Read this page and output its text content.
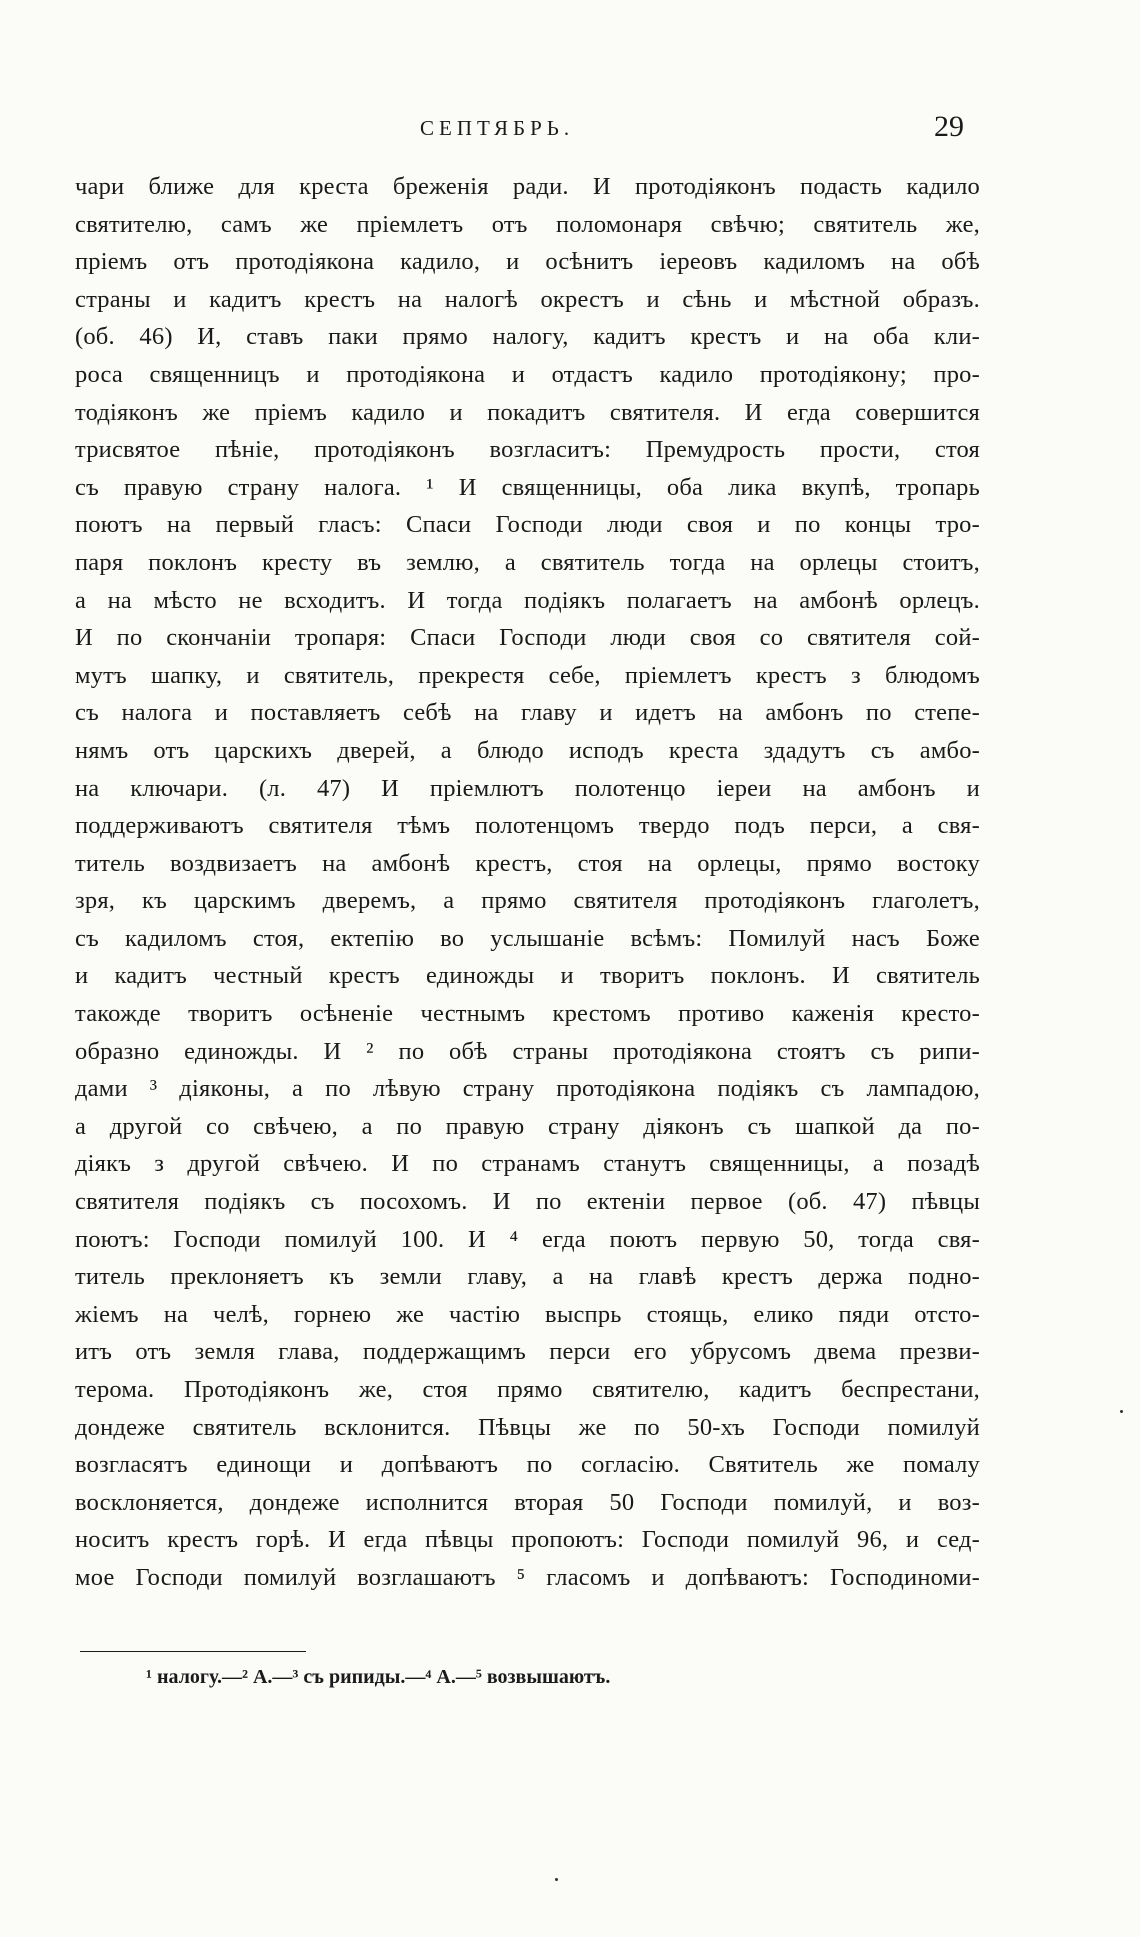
СЕПТЯБРЬ.	29
чари ближе для креста бреженія ради. И протодіяконъ подасть кадило
святителю, самъ же пріемлетъ отъ поломонаря свѣчю; святитель же,
пріемъ отъ протодіякона кадило, и осѣнитъ іереовъ кадиломъ на обѣ
страны и кадитъ крестъ на налогѣ окрестъ и сѣнь и мѣстной образъ.
(об. 46) И, ставъ паки прямо налогу, кадитъ крестъ и на оба кли-
роса священницъ и протодіякона и отдастъ кадило протодіякону; про-
тодіяконъ же пріемъ кадило и покадитъ святителя. И егда совершится
трисвятое пѣніе, протодіяконъ возгласитъ: Премудрость прости, стоя
съ правую страну налога. ¹ И священницы, оба лика вкупѣ, тропарь
поютъ на первый гласъ: Спаси Господи люди своя и по концы тро-
паря поклонъ кресту въ землю, а святитель тогда на орлецы стоитъ,
а на мѣсто не всходитъ. И тогда подіякъ полагаетъ на амбонѣ орлецъ.
И по скончаніи тропаря: Спаси Господи люди своя со святителя сой-
мутъ шапку, и святитель, прекрестя себе, пріемлетъ крестъ з блюдомъ
съ налога и поставляетъ себѣ на главу и идетъ на амбонъ по степе-
нямъ отъ царскихъ дверей, а блюдо исподъ креста здадутъ съ амбо-
на ключари. (л. 47) И пріемлютъ полотенцо іереи на амбонъ и
поддерживаютъ святителя тѣмъ полотенцомъ твердо подъ перси, а свя-
титель воздвизаетъ на амбонѣ крестъ, стоя на орлецы, прямо востоку
зря, къ царскимъ дверемъ, а прямо святителя протодіяконъ глаголетъ,
съ кадиломъ стоя, ектепію во услышаніе всѣмъ: Помилуй насъ Боже
и кадитъ честный крестъ единожды и творитъ поклонъ. И святитель
такожде творитъ осѣненіе честнымъ крестомъ противо каженія кресто-
образно единожды. И ² по обѣ страны протодіякона стоятъ съ рипи-
дами ³ діяконы, а по лѣвую страну протодіякона подіякъ съ лампадою,
а другой со свѣчею, а по правую страну діяконъ съ шапкой да по-
діякъ з другой свѣчею. И по странамъ станутъ священницы, а позадѣ
святителя подіякъ съ посохомъ. И по ектеніи первое (об. 47) пѣвцы
поютъ: Господи помилуй 100. И ⁴ егда поютъ первую 50, тогда свя-
титель преклоняетъ къ земли главу, а на главѣ крестъ держа подно-
жіемъ на челѣ, горнею же частію выспрь стоящь, елико пяди отсто-
итъ отъ земля глава, поддержащимъ перси его убрусомъ двема презви-
терома. Протодіяконъ же, стоя прямо святителю, кадитъ беспрестани,
дондеже святитель всклонится. Пѣвцы же по 50-хъ Господи помилуй
возгласятъ единощи и допѣваютъ по согласію. Святитель же помалу
восклоняется, дондеже исполнится вторая 50 Господи помилуй, и воз-
носитъ крестъ горѣ. И егда пѣвцы пропоютъ: Господи помилуй 96, и сед-
мое Господи помилуй возглашаютъ ⁵ гласомъ и допѣваютъ: Господиноми-
¹ налогу.—² А.—³ съ рипиды.—⁴ А.—⁵ возвышаютъ.
